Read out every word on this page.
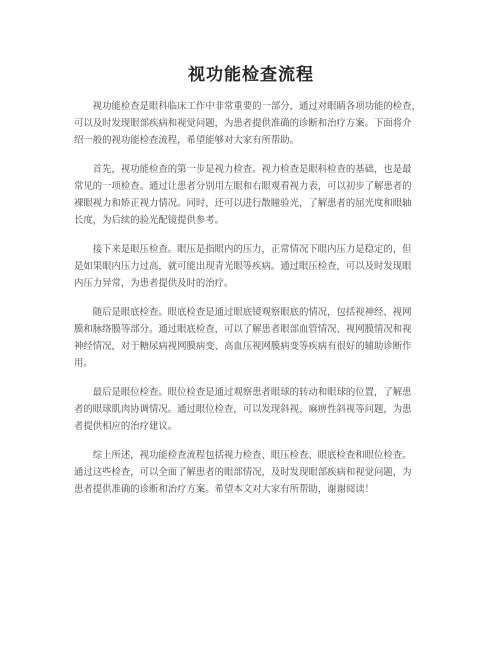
视功能检查流程

　　视功能检查是眼科临床工作中非常重要的一部分，通过对眼睛各项功能的检查，
可以及时发现眼部疾病和视觉问题，为患者提供准确的诊断和治疗方案。下面将介
绍一般的视功能检查流程，希望能够对大家有所帮助。

　　首先，视功能检查的第一步是视力检查。视力检查是眼科检查的基础，也是最
常见的一项检查。通过让患者分别用左眼和右眼观看视力表，可以初步了解患者的
裸眼视力和矫正视力情况。同时，还可以进行散瞳验光，了解患者的屈光度和眼轴
长度，为后续的验光配镜提供参考。

　　接下来是眼压检查。眼压是指眼内的压力，正常情况下眼内压力是稳定的，但
是如果眼内压力过高，就可能出现青光眼等疾病。通过眼压检查，可以及时发现眼
内压力异常，为患者提供及时的治疗。

　　随后是眼底检查。眼底检查是通过眼底镜观察眼底的情况，包括视神经、视网
膜和脉络膜等部分。通过眼底检查，可以了解患者眼部血管情况、视网膜情况和视
神经情况，对于糖尿病视网膜病变、高血压视网膜病变等疾病有很好的辅助诊断作
用。

　　最后是眼位检查。眼位检查是通过观察患者眼球的转动和眼球的位置，了解患
者的眼球肌肉协调情况。通过眼位检查，可以发现斜视、麻痹性斜视等问题，为患
者提供相应的治疗建议。

　　综上所述，视功能检查流程包括视力检查、眼压检查、眼底检查和眼位检查。
通过这些检查，可以全面了解患者的眼部情况，及时发现眼部疾病和视觉问题，为
患者提供准确的诊断和治疗方案。希望本文对大家有所帮助，谢谢阅读！
